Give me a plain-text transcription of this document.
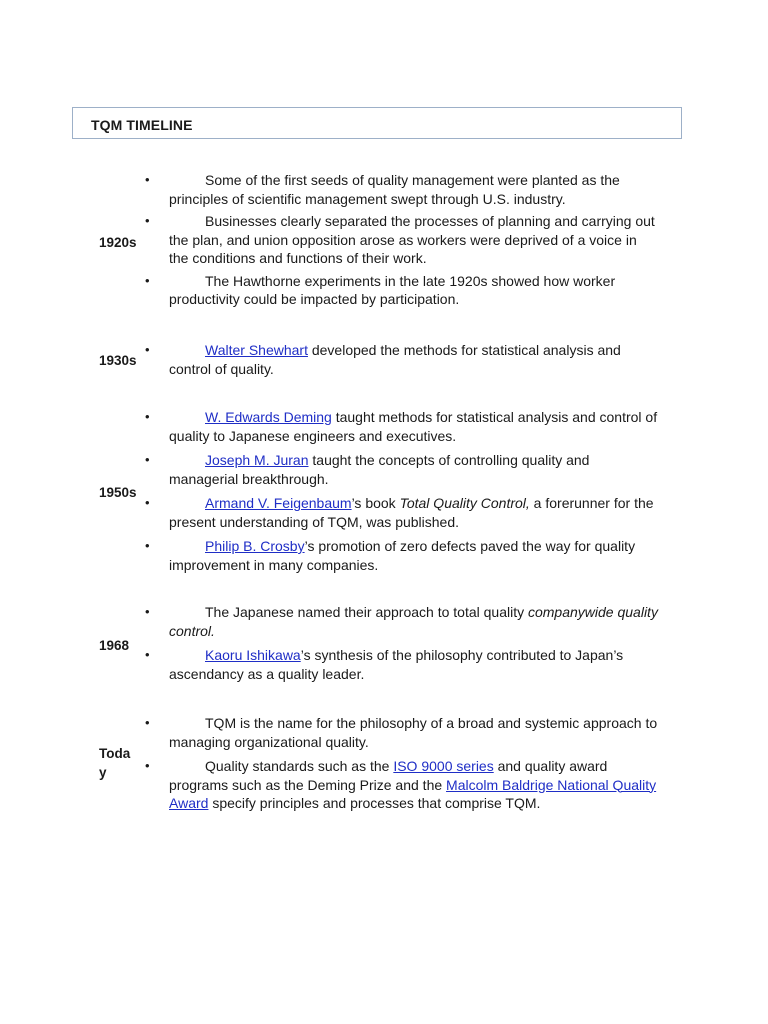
TQM TIMELINE
1920s
•	Some of the first seeds of quality management were planted as the principles of scientific management swept through U.S. industry.
•	Businesses clearly separated the processes of planning and carrying out the plan, and union opposition arose as workers were deprived of a voice in the conditions and functions of their work.
•	The Hawthorne experiments in the late 1920s showed how worker productivity could be impacted by participation.
1930s
•	Walter Shewhart developed the methods for statistical analysis and control of quality.
1950s
•	W. Edwards Deming taught methods for statistical analysis and control of quality to Japanese engineers and executives.
•	Joseph M. Juran taught the concepts of controlling quality and managerial breakthrough.
•	Armand V. Feigenbaum’s book Total Quality Control, a forerunner for the present understanding of TQM, was published.
•	Philip B. Crosby’s promotion of zero defects paved the way for quality improvement in many companies.
1968
•	The Japanese named their approach to total quality companywide quality control.
•	Kaoru Ishikawa’s synthesis of the philosophy contributed to Japan’s ascendancy as a quality leader.
Today
•	TQM is the name for the philosophy of a broad and systemic approach to managing organizational quality.
•	Quality standards such as the ISO 9000 series and quality award programs such as the Deming Prize and the Malcolm Baldrige National Quality Award specify principles and processes that comprise TQM.
